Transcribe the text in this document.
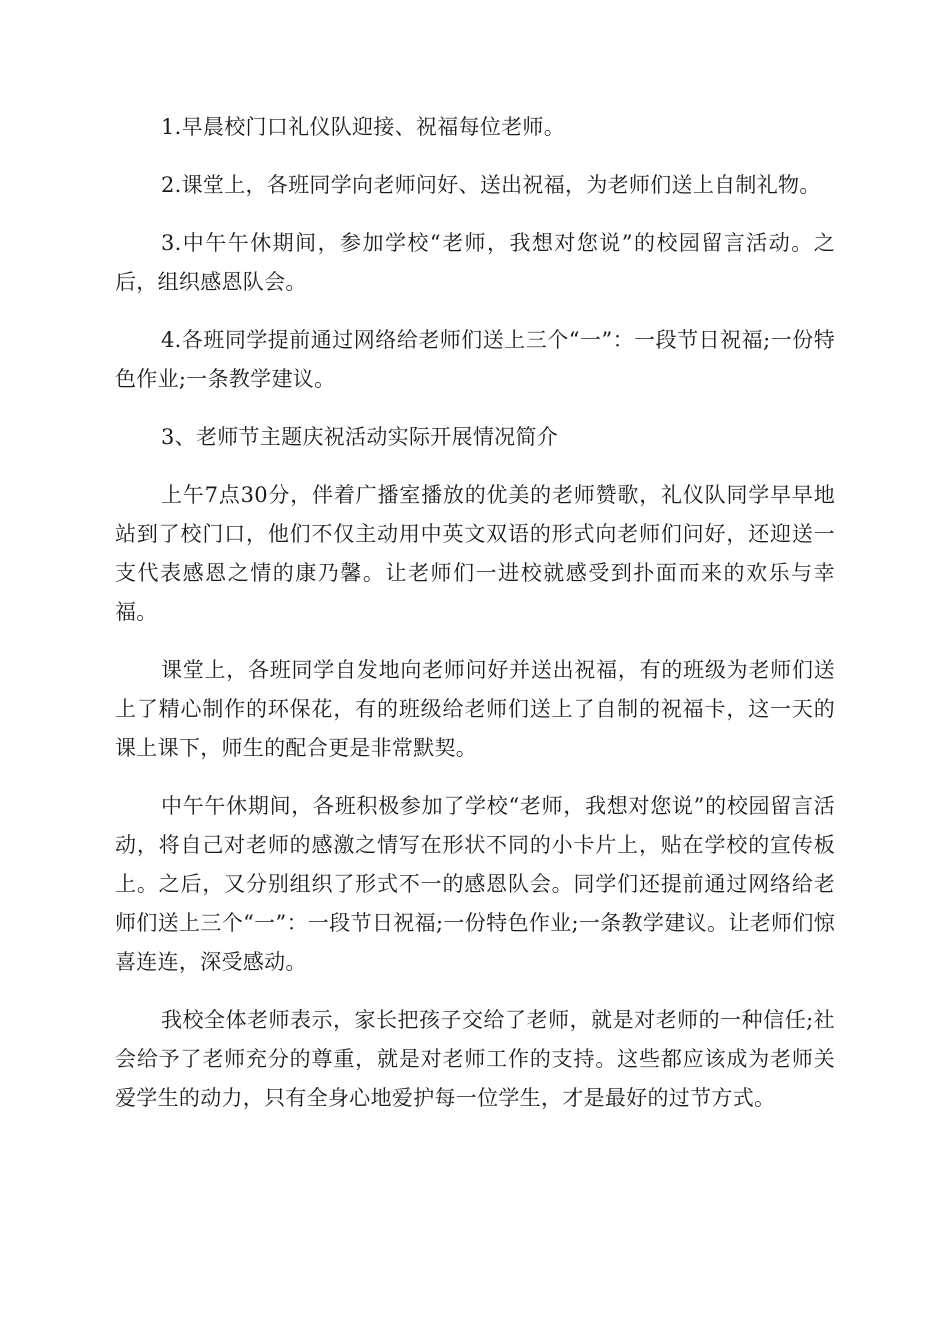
1.早晨校门口礼仪队迎接、祝福每位老师。

2.课堂上，各班同学向老师问好、送出祝福，为老师们送上自制礼物。

3.中午午休期间，参加学校“老师，我想对您说”的校园留言活动。之后，组织感恩队会。

4.各班同学提前通过网络给老师们送上三个“一”：一段节日祝福;一份特色作业;一条教学建议。

3、老师节主题庆祝活动实际开展情况简介

上午7点30分，伴着广播室播放的优美的老师赞歌，礼仪队同学早早地站到了校门口，他们不仅主动用中英文双语的形式向老师们问好，还迎送一支代表感恩之情的康乃馨。让老师们一进校就感受到扑面而来的欢乐与幸福。

课堂上，各班同学自发地向老师问好并送出祝福，有的班级为老师们送上了精心制作的环保花，有的班级给老师们送上了自制的祝福卡，这一天的课上课下，师生的配合更是非常默契。

中午午休期间，各班积极参加了学校“老师，我想对您说”的校园留言活动，将自己对老师的感激之情写在形状不同的小卡片上，贴在学校的宣传板上。之后，又分别组织了形式不一的感恩队会。同学们还提前通过网络给老师们送上三个“一”：一段节日祝福;一份特色作业;一条教学建议。让老师们惊喜连连，深受感动。

我校全体老师表示，家长把孩子交给了老师，就是对老师的一种信任;社会给予了老师充分的尊重，就是对老师工作的支持。这些都应该成为老师关爱学生的动力，只有全身心地爱护每一位学生，才是最好的过节方式。
